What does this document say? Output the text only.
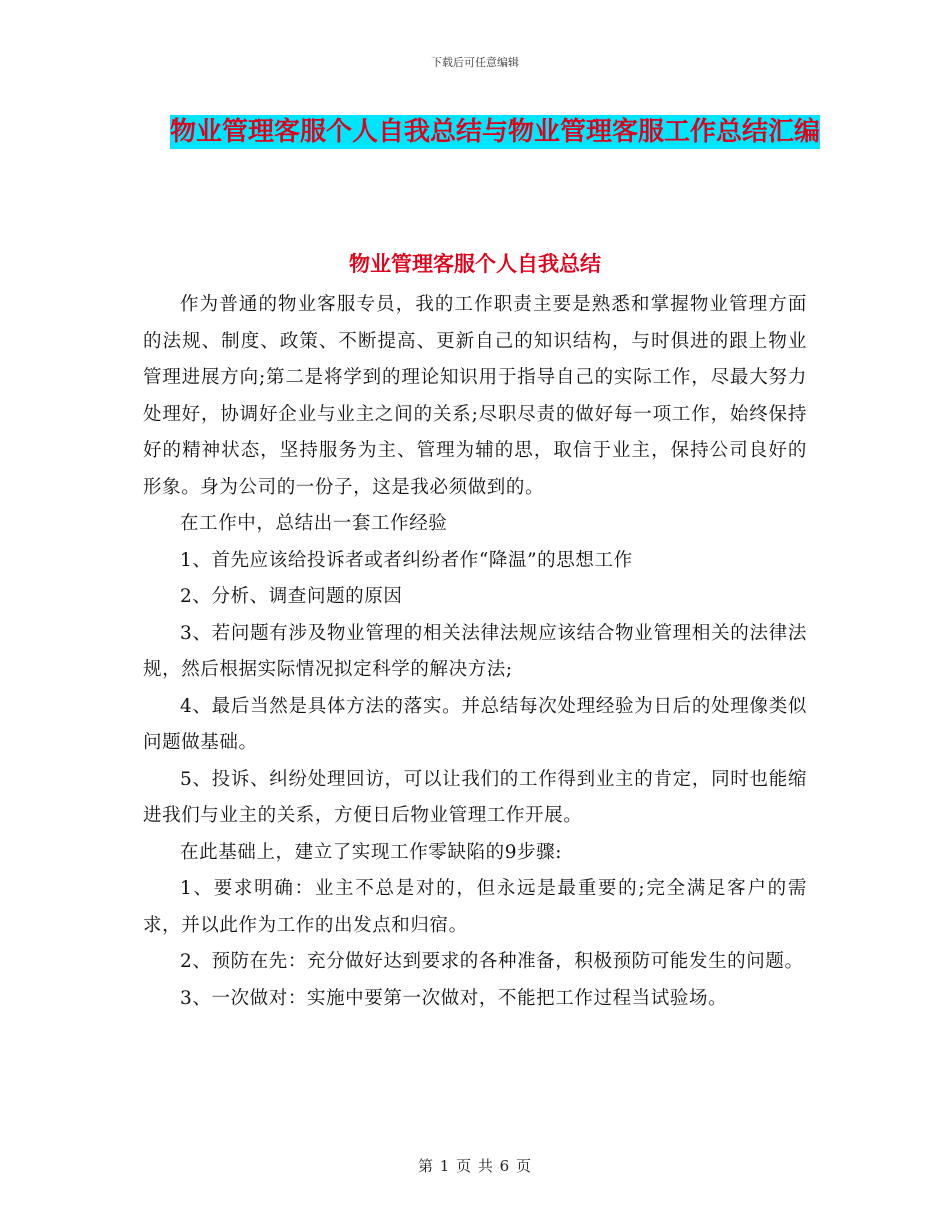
下载后可任意编辑
物业管理客服个人自我总结与物业管理客服工作总结汇编
物业管理客服个人自我总结

作为普通的物业客服专员，我的工作职责主要是熟悉和掌握物业管理方面的法规、制度、政策、不断提高、更新自己的知识结构，与时俱进的跟上物业管理进展方向;第二是将学到的理论知识用于指导自己的实际工作，尽最大努力处理好，协调好企业与业主之间的关系;尽职尽责的做好每一项工作，始终保持好的精神状态，坚持服务为主、管理为辅的思，取信于业主，保持公司良好的形象。身为公司的一份子，这是我必须做到的。

在工作中，总结出一套工作经验

1、首先应该给投诉者或者纠纷者作“降温”的思想工作

2、分析、调查问题的原因

3、若问题有涉及物业管理的相关法律法规应该结合物业管理相关的法律法规，然后根据实际情况拟定科学的解决方法;

4、最后当然是具体方法的落实。并总结每次处理经验为日后的处理像类似问题做基础。

5、投诉、纠纷处理回访，可以让我们的工作得到业主的肯定，同时也能缩进我们与业主的关系，方便日后物业管理工作开展。

在此基础上，建立了实现工作零缺陷的9步骤:

1、要求明确：业主不总是对的，但永远是最重要的;完全满足客户的需求，并以此作为工作的出发点和归宿。

2、预防在先：充分做好达到要求的各种准备，积极预防可能发生的问题。

3、一次做对：实施中要第一次做对，不能把工作过程当试验场。

第 1 页 共 6 页
